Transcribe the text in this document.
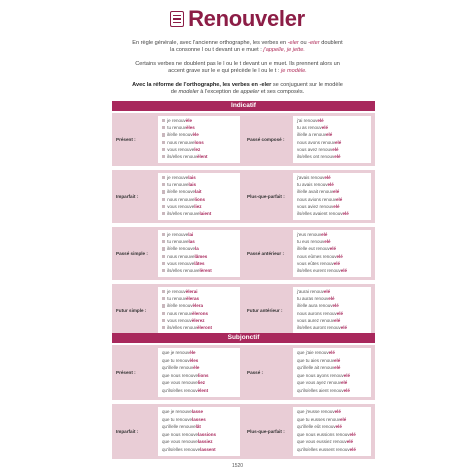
Renouveler
En règle générale, avec l'ancienne orthographe, les verbes en -eler ou -eter doublent la consonne l ou t devant un e muet : j'appelle, je jette.
Certains verbes ne doublent pas le l ou le t devant un e muet. Ils prennent alors un accent grave sur le e qui précède le l ou le t : je modèle.
Avec la réforme de l'orthographe, les verbes en -eler se conjuguent sur le modèle de modeler à l'exception de appeler et ses composés.
Indicatif
Présent :
je renouvèle
tu renouvèles
il/elle renouvèle
nous renouvelons
vous renouvelez
ils/elles renouvèlent
Passé composé :
j'ai renouvelé
tu as renouvelé
il/elle a renouvelé
nous avons renouvelé
vous avez renouvelé
ils/elles ont renouvelé
Imparfait :
je renouvelais
tu renouvelais
il/elle renouvelait
nous renouvelions
vous renouveliez
ils/elles renouvelaient
Plus-que-parfait :
j'avais renouvelé
tu avais renouvelé
il/elle avait renouvelé
nous avions renouvelé
vous aviez renouvelé
ils/elles avaient renouvelé
Passé simple :
je renouvelai
tu renouvelas
il/elle renouvela
nous renouvelâmes
vous renouvelâtes
ils/elles renouvelèrent
Passé antérieur :
j'eus renouvelé
tu eus renouvelé
il/elle eut renouvelé
nous eûmes renouvelé
vous eûtes renouvelé
ils/elles eurent renouvelé
Futur simple :
je renouvèlerai
tu renouvèleras
il/elle renouvèlera
nous renouvèlerons
vous renouvèlerez
ils/elles renouvèleront
Futur antérieur :
j'aurai renouvelé
tu auras renouvelé
il/elle aura renouvelé
nous aurons renouvelé
vous aurez renouvelé
ils/elles auront renouvelé
Subjonctif
Présent :
que je renouvèle
que tu renouvèles
qu'il/elle renouvèle
que nous renouvelions
que vous renouveliez
qu'ils/elles renouvèlent
Passé :
que j'aie renouvelé
que tu aies renouvelé
qu'il/elle ait renouvelé
que nous ayons renouvelé
que vous ayez renouvelé
qu'ils/elles aient renouvelé
Imparfait :
que je renouvelasse
que tu renouvelasses
qu'il/elle renouvelât
que nous renouvelassions
que vous renouvelassiez
qu'ils/elles renouvelassent
Plus-que-parfait :
que j'eusse renouvelé
que tu eusses renouvelé
qu'il/elle eût renouvelé
que nous eussions renouvelé
que vous eussiez renouvelé
qu'ils/elles eussent renouvelé
1520
